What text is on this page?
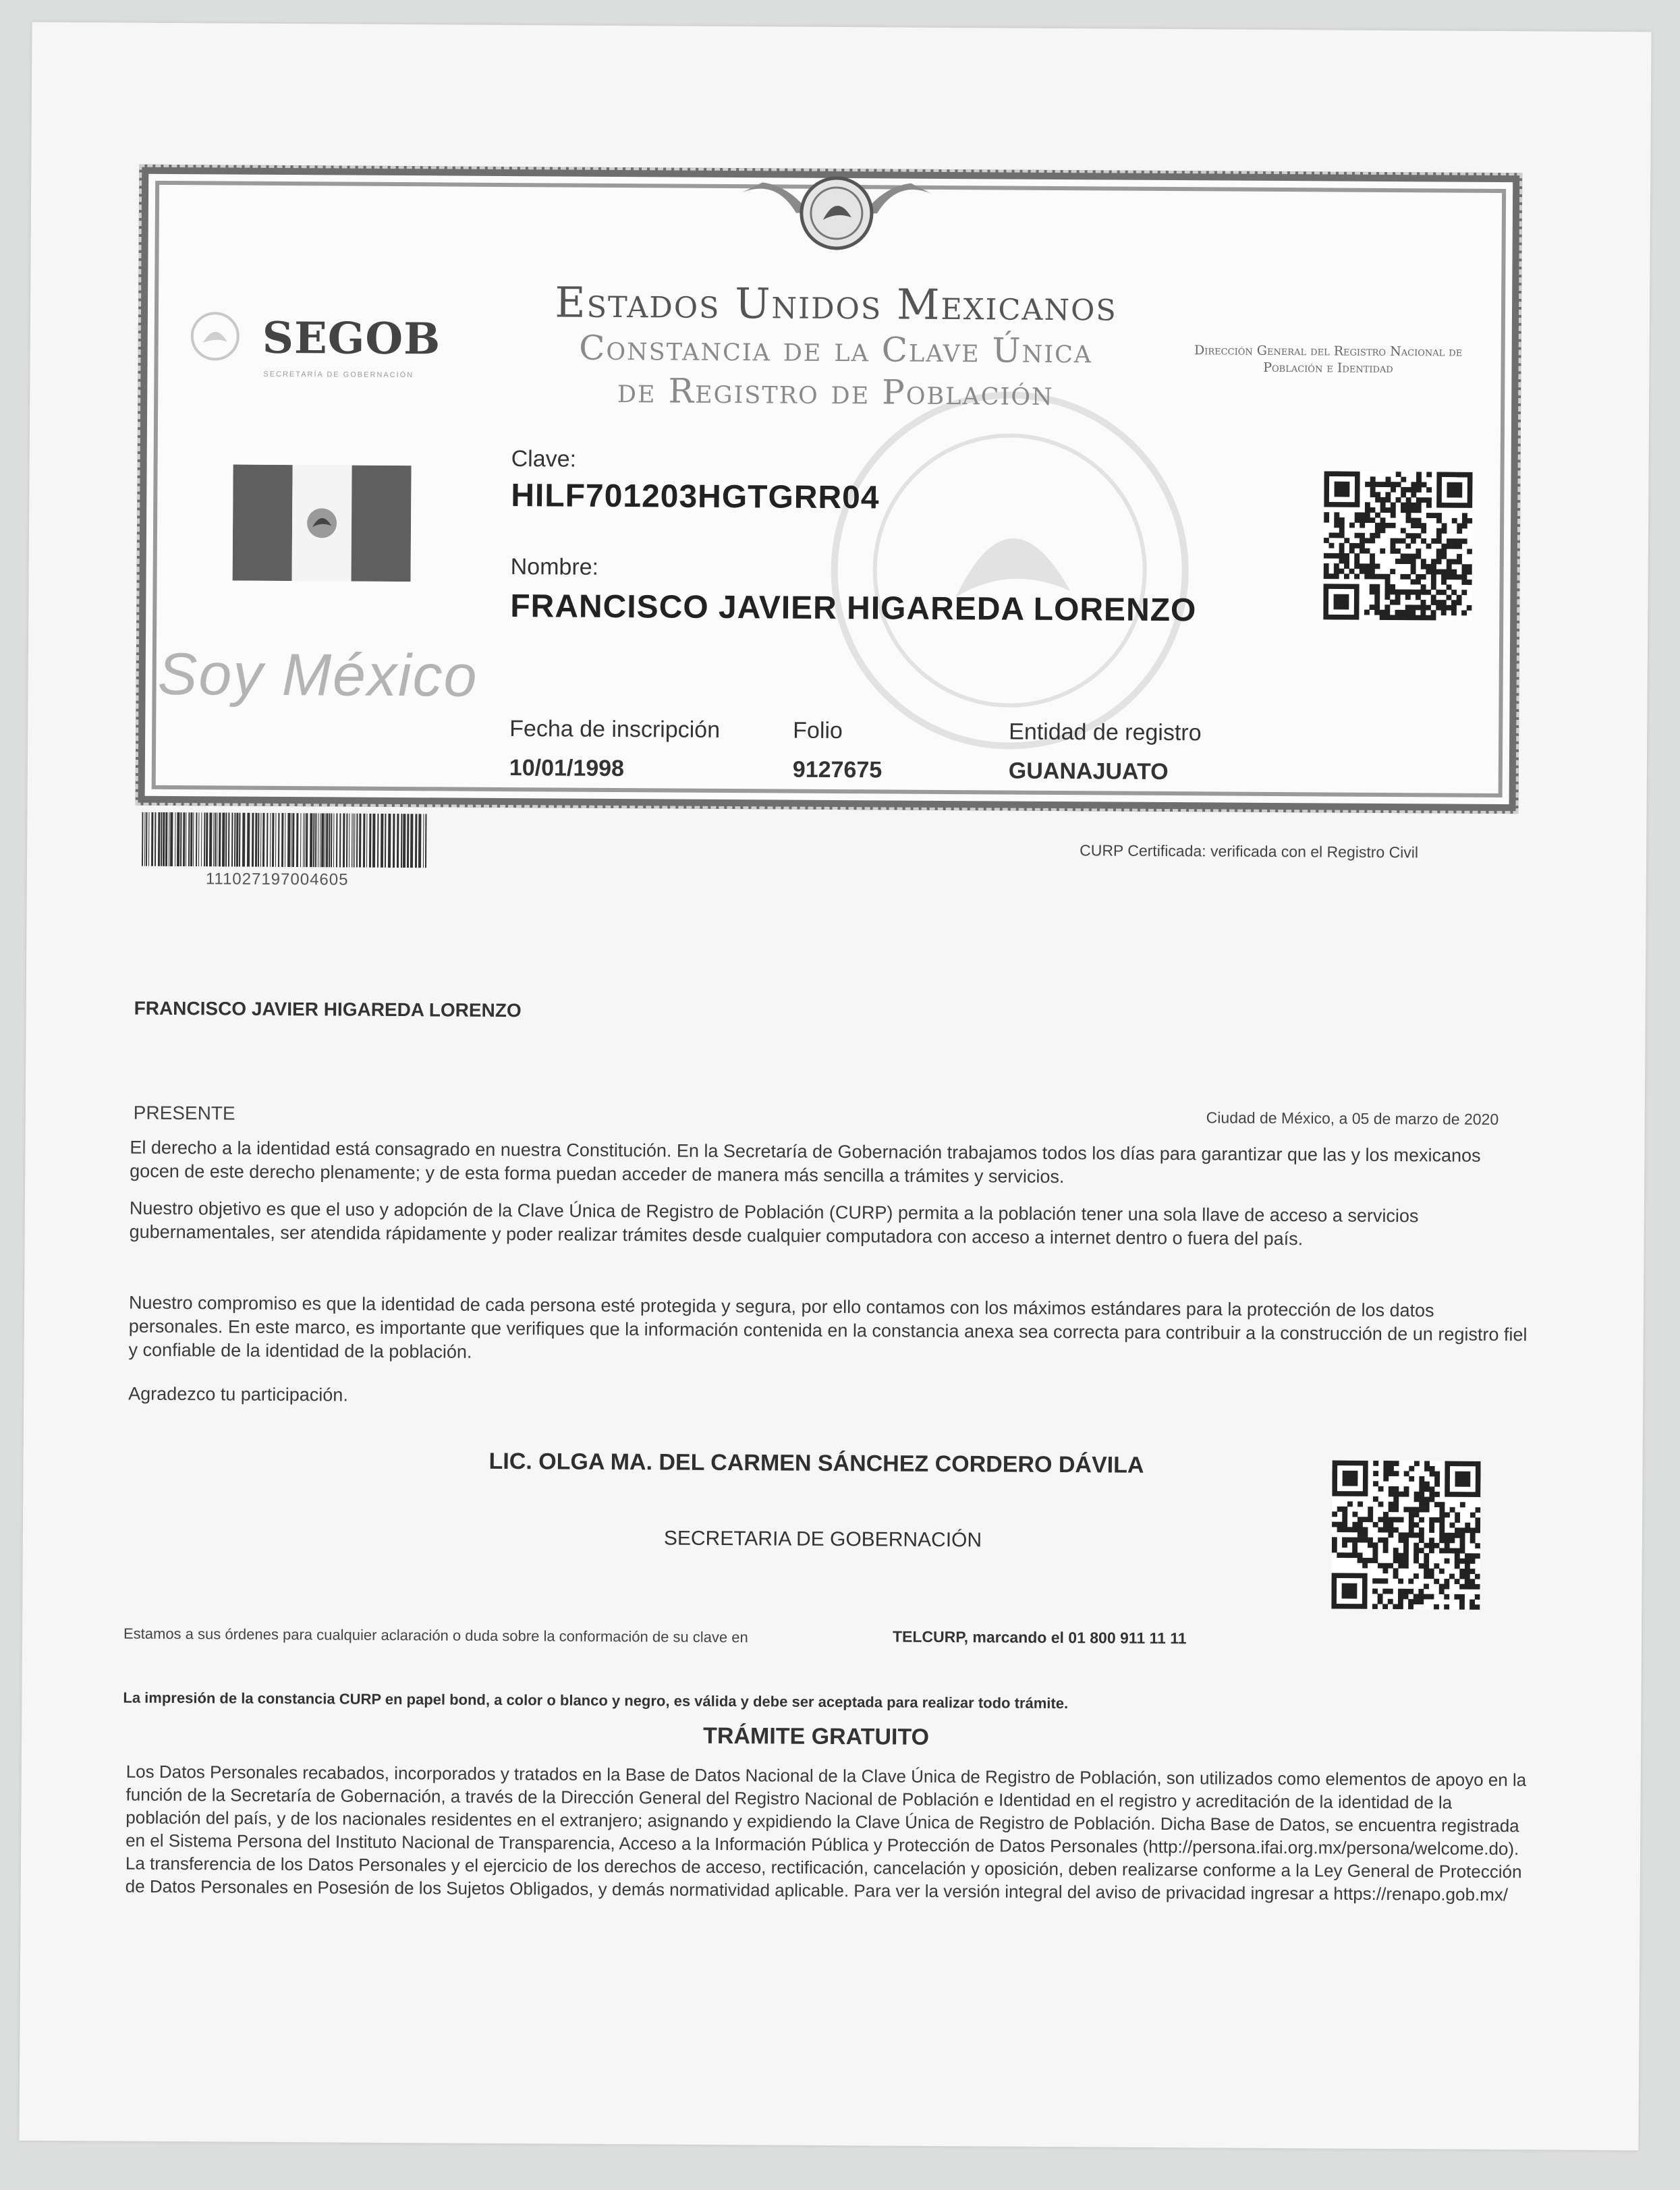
SEGOB
SECRETARÍA DE GOBERNACIÓN
Soy México
Estados Unidos Mexicanos
Constancia de la Clave Única
de Registro de Población
Dirección General del Registro Nacional de Población e Identidad
Clave:
HILF701203HGTGRR04
Nombre:
FRANCISCO JAVIER HIGAREDA LORENZO
Fecha de inscripción
10/01/1998
Folio
9127675
Entidad de registro
GUANAJUATO
111027197004605
CURP Certificada: verificada con el Registro Civil
FRANCISCO JAVIER HIGAREDA LORENZO
PRESENTE	Ciudad de México, a 05 de marzo de 2020
El derecho a la identidad está consagrado en nuestra Constitución. En la Secretaría de Gobernación trabajamos todos los días para garantizar que las y los mexicanos gocen de este derecho plenamente; y de esta forma puedan acceder de manera más sencilla a trámites y servicios.
Nuestro objetivo es que el uso y adopción de la Clave Única de Registro de Población (CURP) permita a la población tener una sola llave de acceso a servicios gubernamentales, ser atendida rápidamente y poder realizar trámites desde cualquier computadora con acceso a internet dentro o fuera del país.
Nuestro compromiso es que la identidad de cada persona esté protegida y segura, por ello contamos con los máximos estándares para la protección de los datos personales. En este marco, es importante que verifiques que la información contenida en la constancia anexa sea correcta para contribuir a la construcción de un registro fiel y confiable de la identidad de la población.
Agradezco tu participación.
LIC. OLGA MA. DEL CARMEN SÁNCHEZ CORDERO DÁVILA
SECRETARIA DE GOBERNACIÓN
Estamos a sus órdenes para cualquier aclaración o duda sobre la conformación de su clave en	TELCURP, marcando el 01 800 911 11 11
La impresión de la constancia CURP en papel bond, a color o blanco y negro, es válida y debe ser aceptada para realizar todo trámite.
TRÁMITE GRATUITO
Los Datos Personales recabados, incorporados y tratados en la Base de Datos Nacional de la Clave Única de Registro de Población, son utilizados como elementos de apoyo en la función de la Secretaría de Gobernación, a través de la Dirección General del Registro Nacional de Población e Identidad en el registro y acreditación de la identidad de la población del país, y de los nacionales residentes en el extranjero; asignando y expidiendo la Clave Única de Registro de Población. Dicha Base de Datos, se encuentra registrada en el Sistema Persona del Instituto Nacional de Transparencia, Acceso a la Información Pública y Protección de Datos Personales (http://persona.ifai.org.mx/persona/welcome.do). La transferencia de los Datos Personales y el ejercicio de los derechos de acceso, rectificación, cancelación y oposición, deben realizarse conforme a la Ley General de Protección de Datos Personales en Posesión de los Sujetos Obligados, y demás normatividad aplicable. Para ver la versión integral del aviso de privacidad ingresar a https://renapo.gob.mx/
